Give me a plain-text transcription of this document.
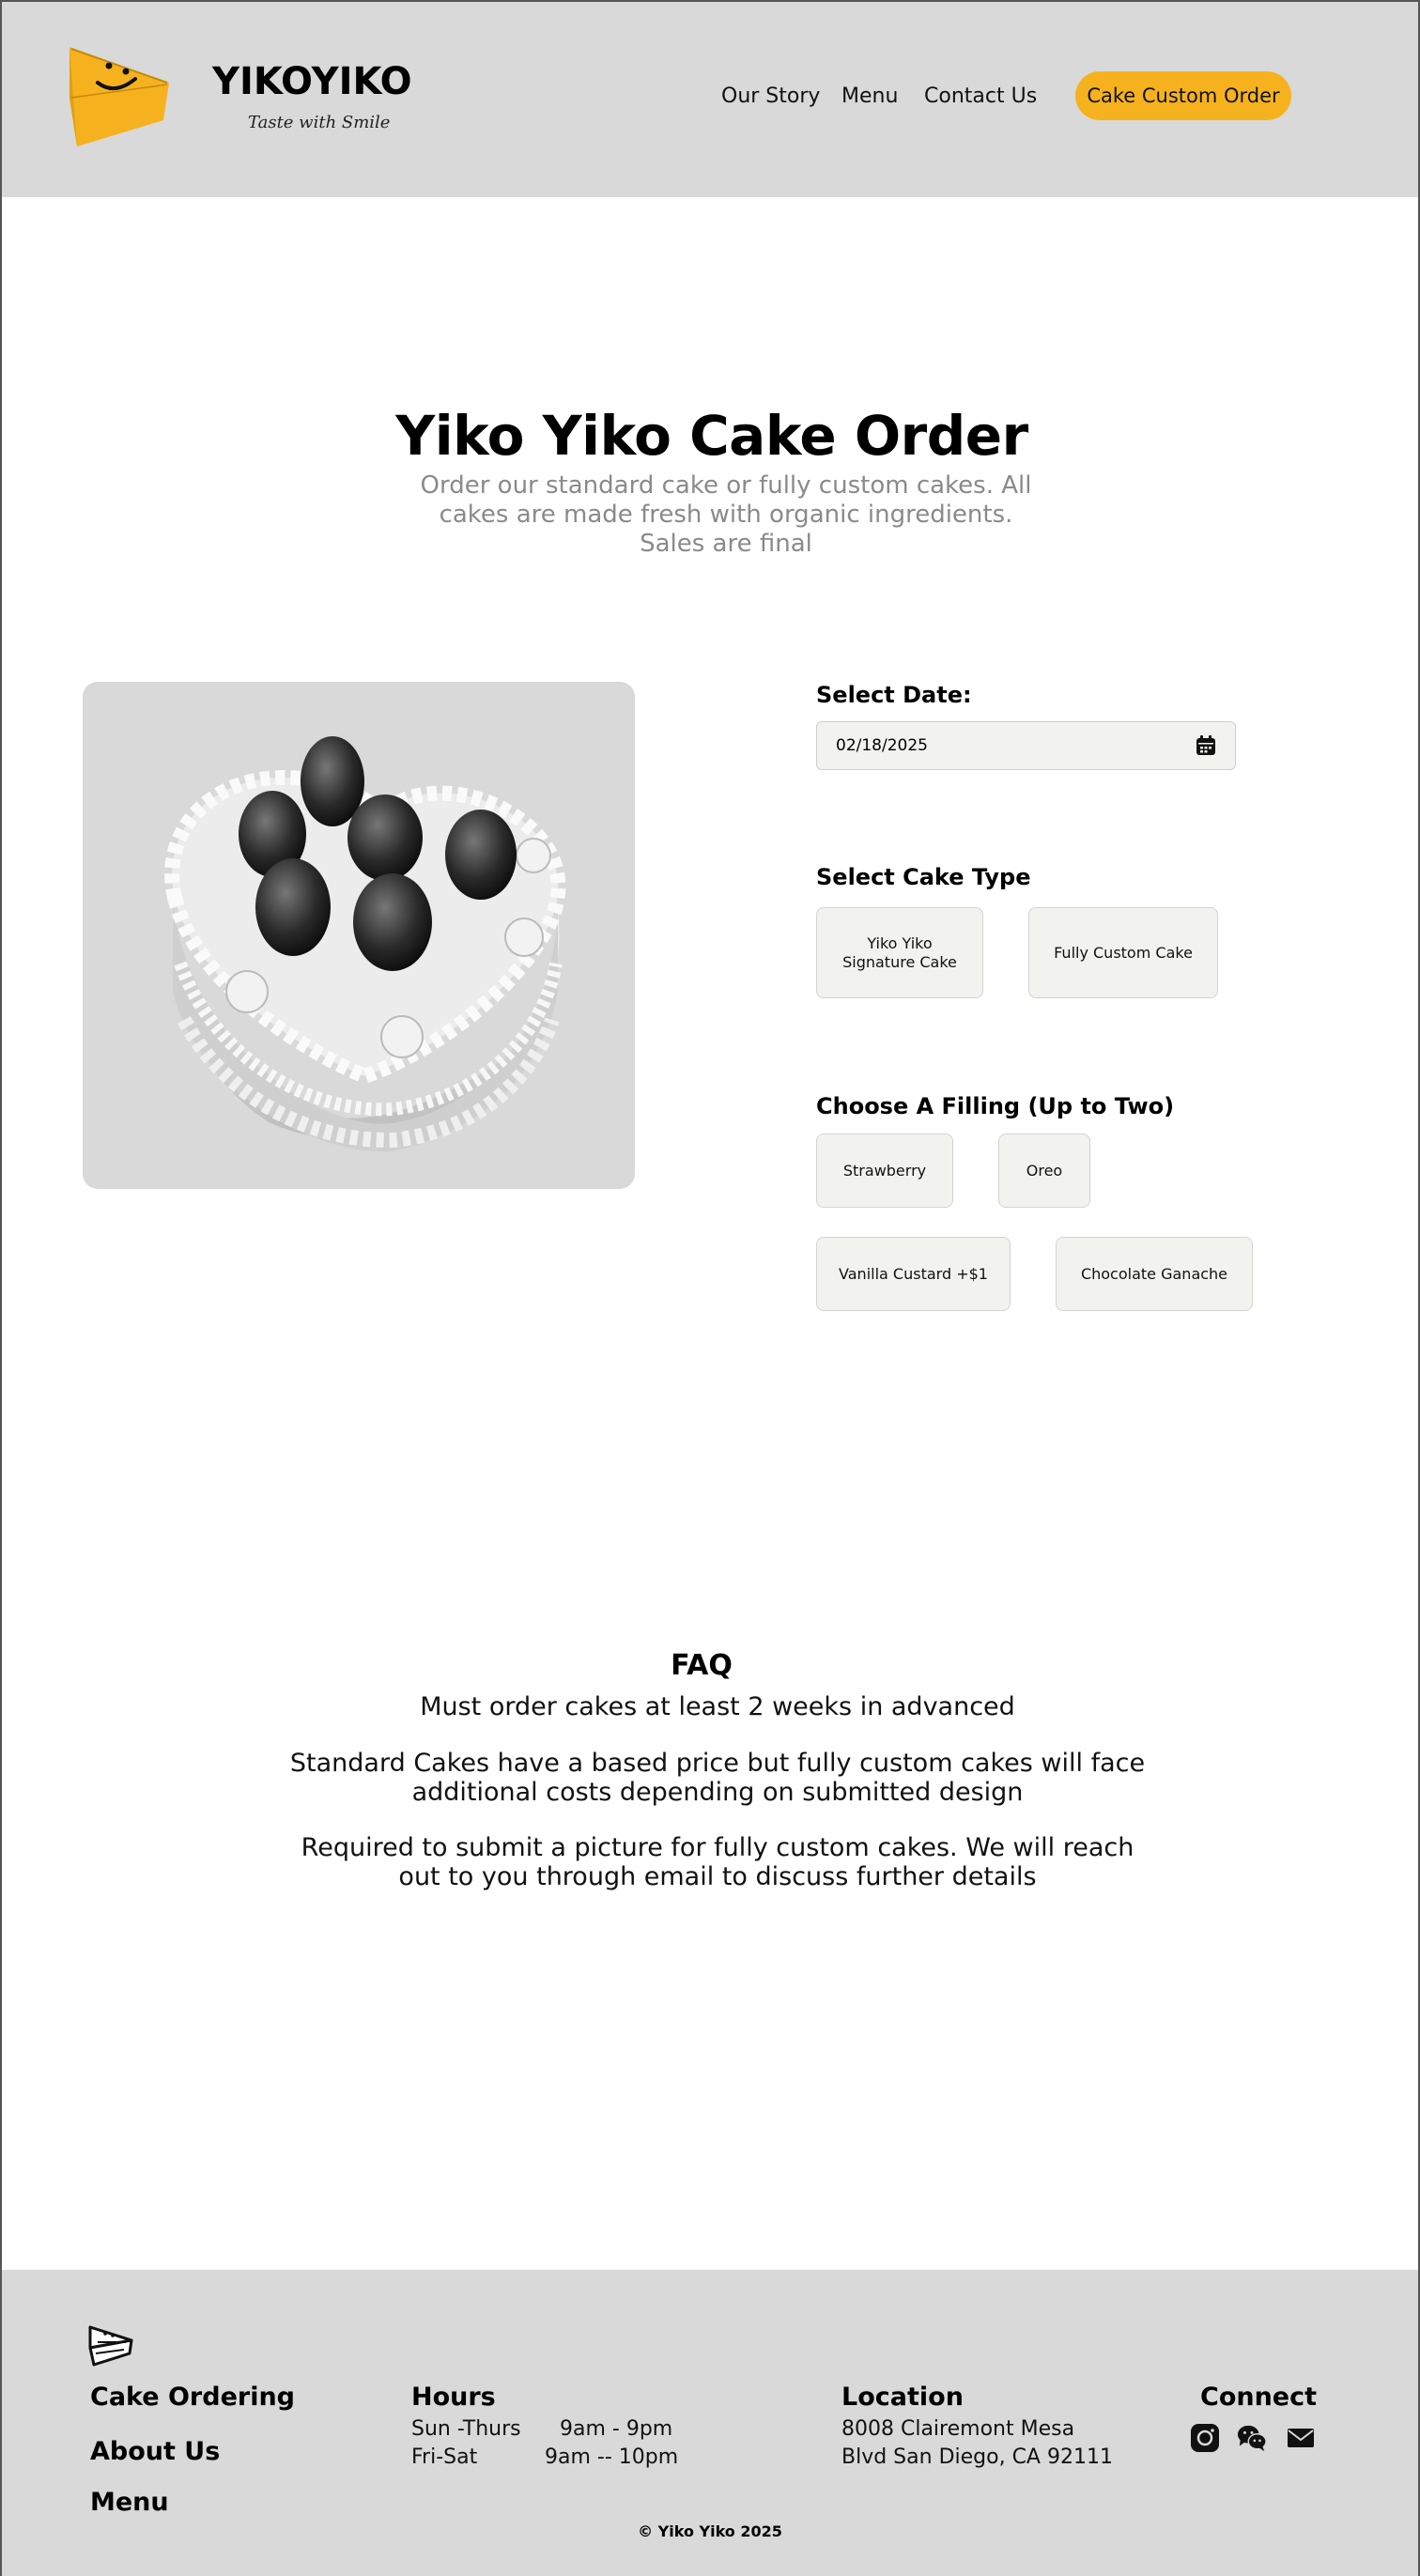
YIKOYIKO
Taste with Smile
Our Story Menu Contact Us	Cake Custom Order
Yiko Yiko Cake Order
Order our standard cake or fully custom cakes. All cakes are made fresh with organic ingredients. Sales are final
Select Date:
02/18/2025
Select Cake Type
Yiko Yiko Signature Cake
Fully Custom Cake
Choose A Filling (Up to Two)
Strawberry	Oreo
Vanilla Custard +$1	Chocolate Ganache
FAQ
Must order cakes at least 2 weeks in advanced
Standard Cakes have a based price but fully custom cakes will face additional costs depending on submitted design
Required to submit a picture for fully custom cakes. We will reach out to you through email to discuss further details
Cake Ordering
About Us
Menu
Hours
Sun -Thurs 9am - 9pm
Fri-Sat	9am -- 10pm
Location
8008 Clairemont Mesa
Blvd San Diego, CA 92111
Connect
© Yiko Yiko 2025
